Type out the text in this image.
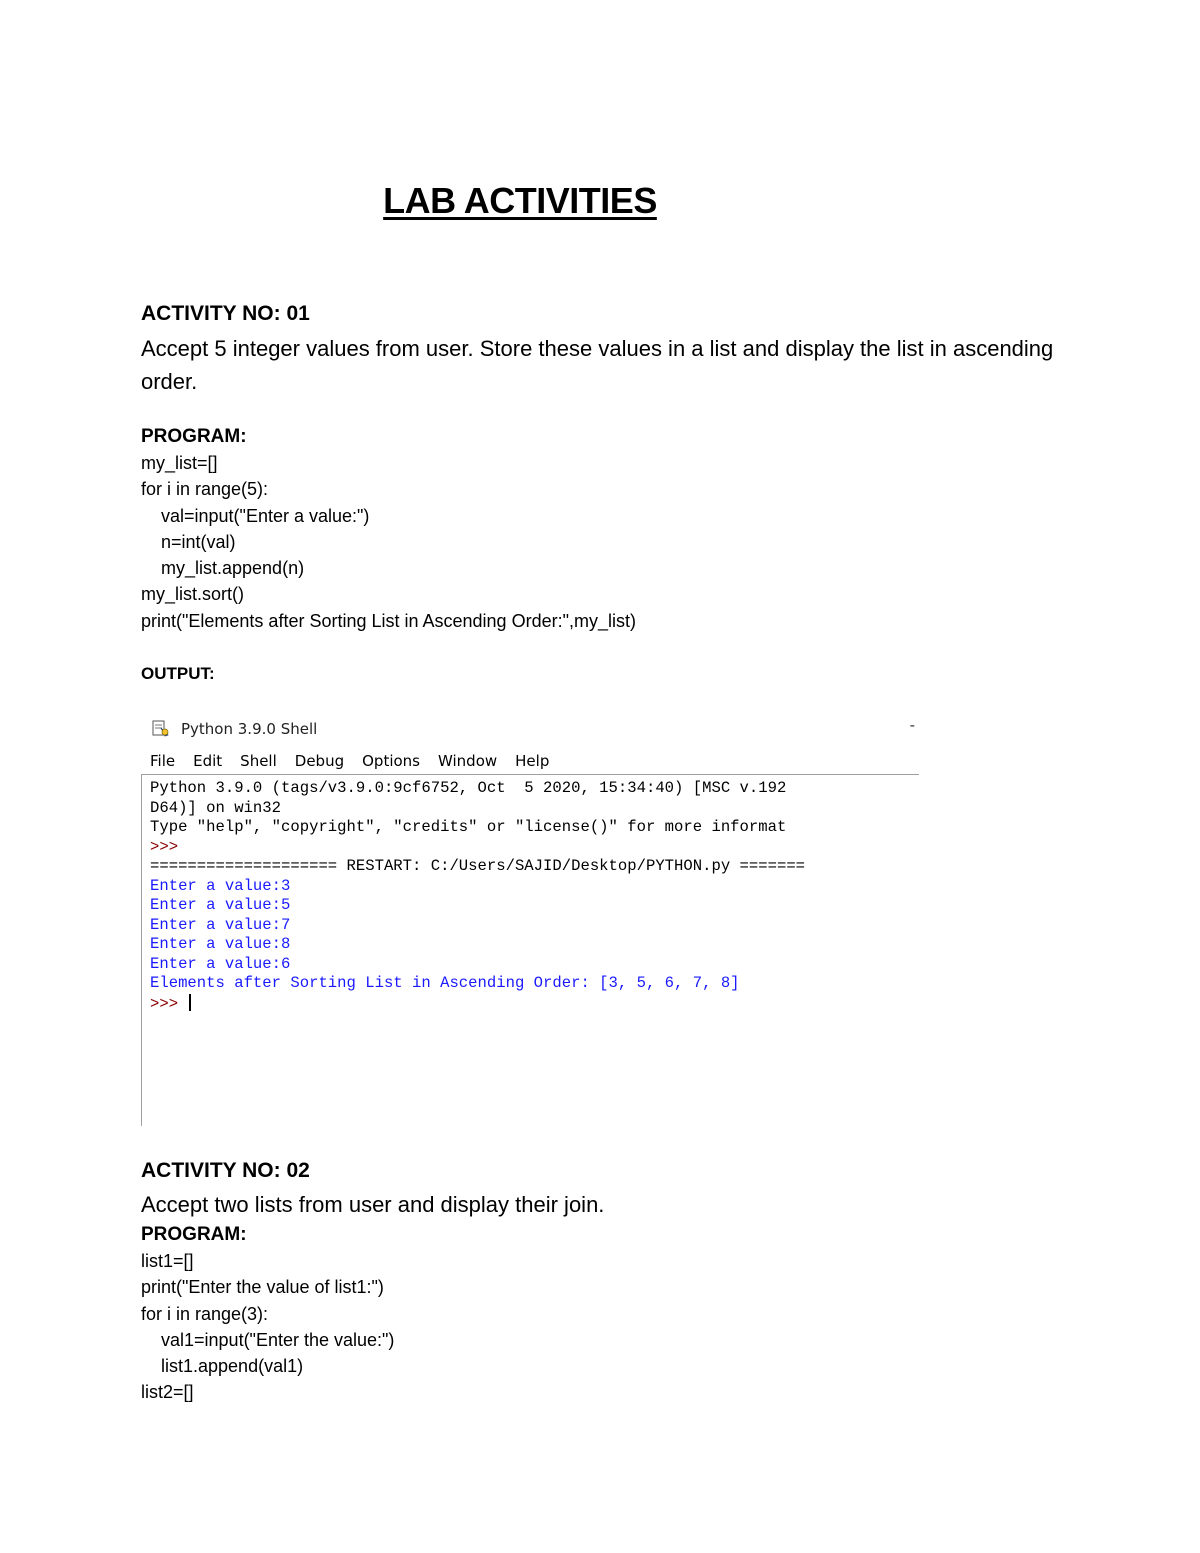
LAB ACTIVITIES

ACTIVITY NO: 01

Accept 5 integer values from user. Store these values in a list and display the list in ascending order.

PROGRAM:

my_list=[]
for i in range(5):
val=input("Enter a value:")
n=int(val)
my_list.append(n)
my_list.sort()
print("Elements after Sorting List in Ascending Order:",my_list)
OUTPUT:
Python 3.9.0 Shell	-
File	Edit	Shell	Debug	Options	Window	Help
Python 3.9.0 (tags/v3.9.0:9cf6752, Oct  5 2020, 15:34:40) [MSC v.192
D64)] on win32
Type "help", "copyright", "credits" or "license()" for more informat
>>>
==================== RESTART: C:/Users/SAJID/Desktop/PYTHON.py =======
Enter a value:3
Enter a value:5
Enter a value:7
Enter a value:8
Enter a value:6
Elements after Sorting List in Ascending Order: [3, 5, 6, 7, 8]
>>>

ACTIVITY NO: 02

Accept two lists from user and display their join.

PROGRAM:

list1=[]
print("Enter the value of list1:")
for i in range(3):
val1=input("Enter the value:")
list1.append(val1)
list2=[]
